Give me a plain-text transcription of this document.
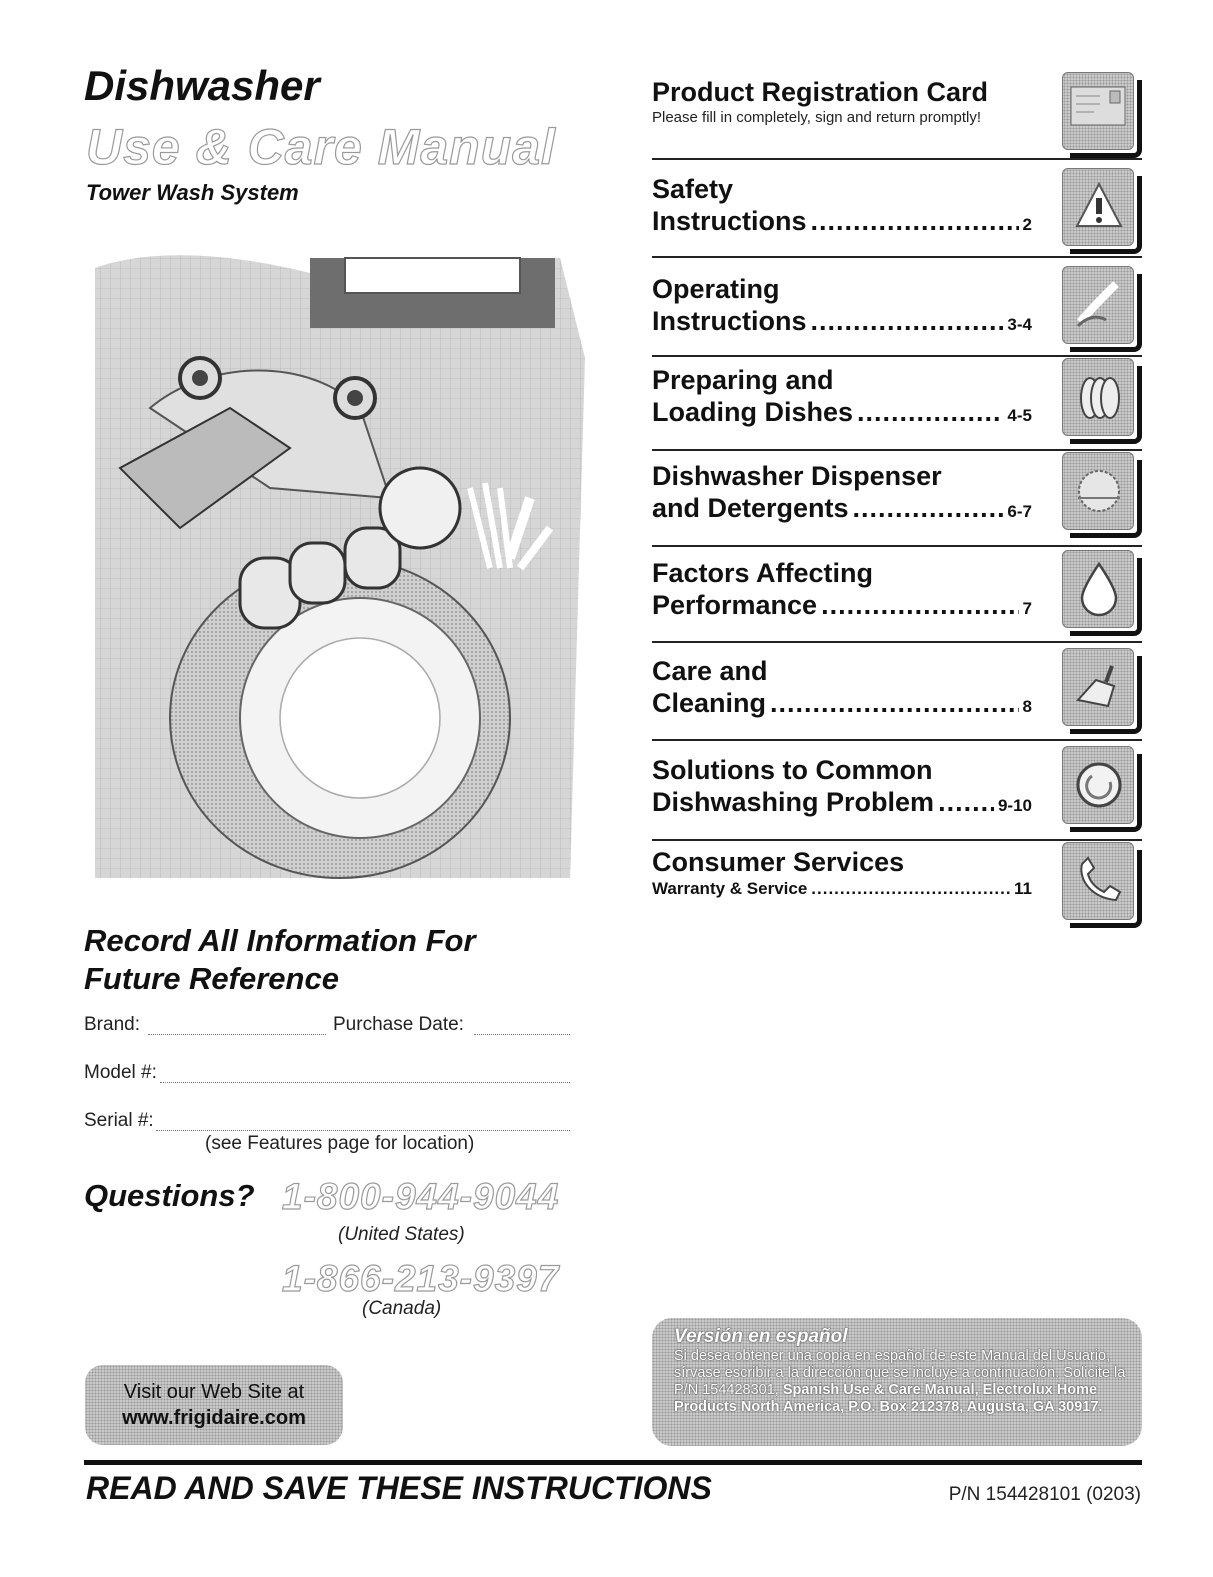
Dishwasher
Use & Care Manual
Tower Wash System
Record All Information For
Future Reference
Brand:	Purchase Date:
Model #:
Serial #:
(see Features page for location)
Questions? 1-800-944-9044
(United States)
1-866-213-9397
(Canada)
Visit our Web Site at
www.frigidaire.com
Product Registration Card
Please fill in completely, sign and return promptly!
Safety
Instructions .....	2
Operating
Instructions .....	3-4
Preparing and
Loading Dishes .....	4-5
Dishwasher Dispenser
and Detergents .....	6-7
Factors Affecting
Performance .....	7
Care and
Cleaning .....	8
Solutions to Common
Dishwashing Problem .....	9-10
Consumer Services
Warranty & Service .....	11
Versión en español
Si desea obtener una copia en español de este Manual del Usuario, sírvase escribir a la dirección que se incluye a continuación. Solicite la P/N 154428301, Spanish Use & Care Manual, Electrolux Home Products North America, P.O. Box 212378, Augusta, GA 30917.
READ AND SAVE THESE INSTRUCTIONS	P/N 154428101 (0203)
